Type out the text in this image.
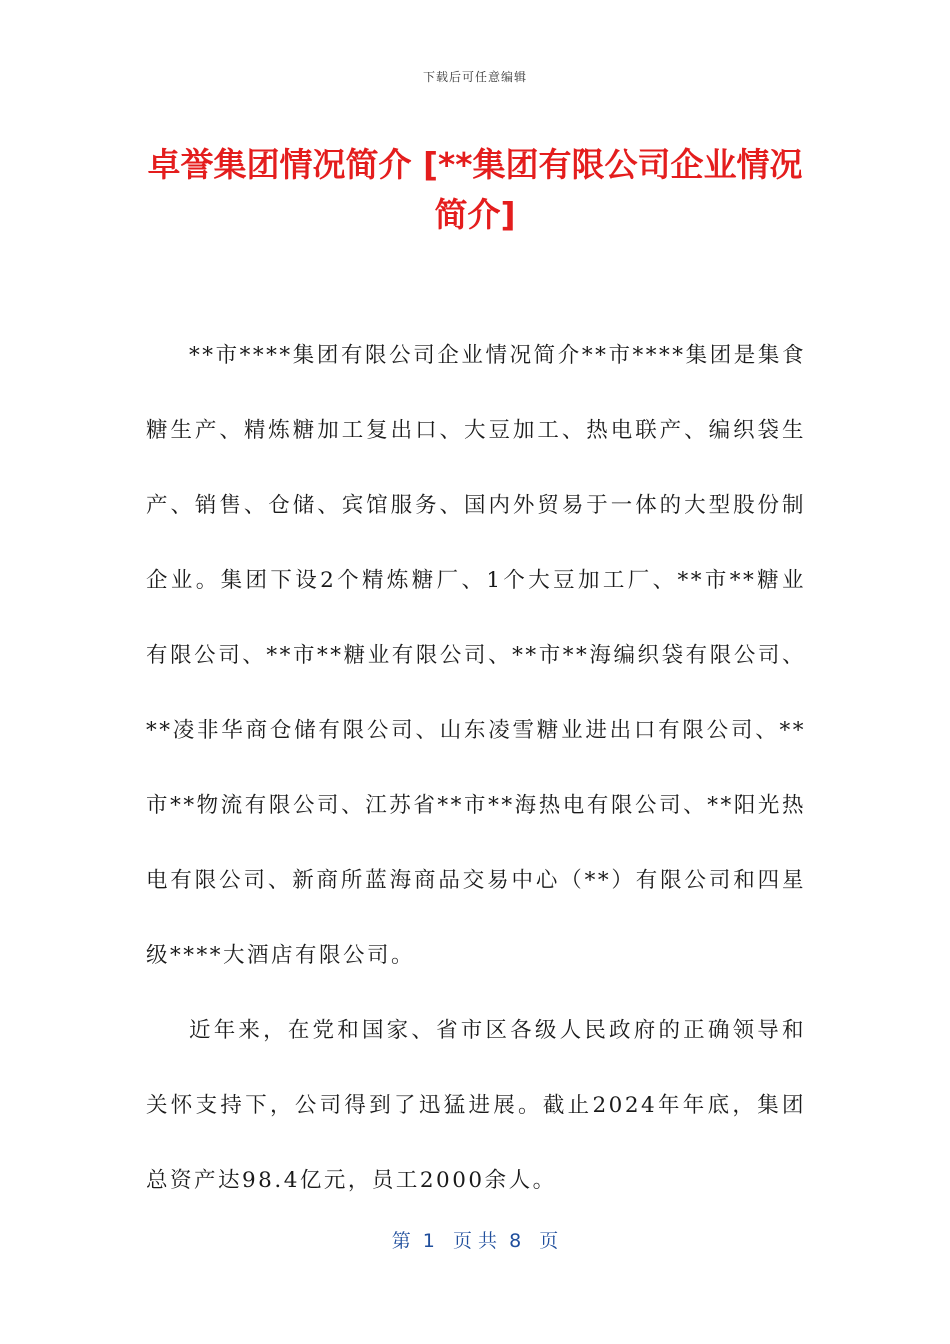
下载后可任意编辑
卓誉集团情况简介 [**集团有限公司企业情况简介]

**市****集团有限公司企业情况简介**市****集团是集食糖生产、精炼糖加工复出口、大豆加工、热电联产、编织袋生产、销售、仓储、宾馆服务、国内外贸易于一体的大型股份制企业。集团下设2个精炼糖厂、1个大豆加工厂、**市**糖业有限公司、**市**糖业有限公司、**市**海编织袋有限公司、**凌非华商仓储有限公司、山东凌雪糖业进出口有限公司、**市**物流有限公司、江苏省**市**海热电有限公司、**阳光热电有限公司、新商所蓝海商品交易中心（**）有限公司和四星级****大酒店有限公司。

近年来，在党和国家、省市区各级人民政府的正确领导和关怀支持下，公司得到了迅猛进展。截止2024年年底，集团总资产达98.4亿元，员工2000余人。

第  1   页 共  8   页
